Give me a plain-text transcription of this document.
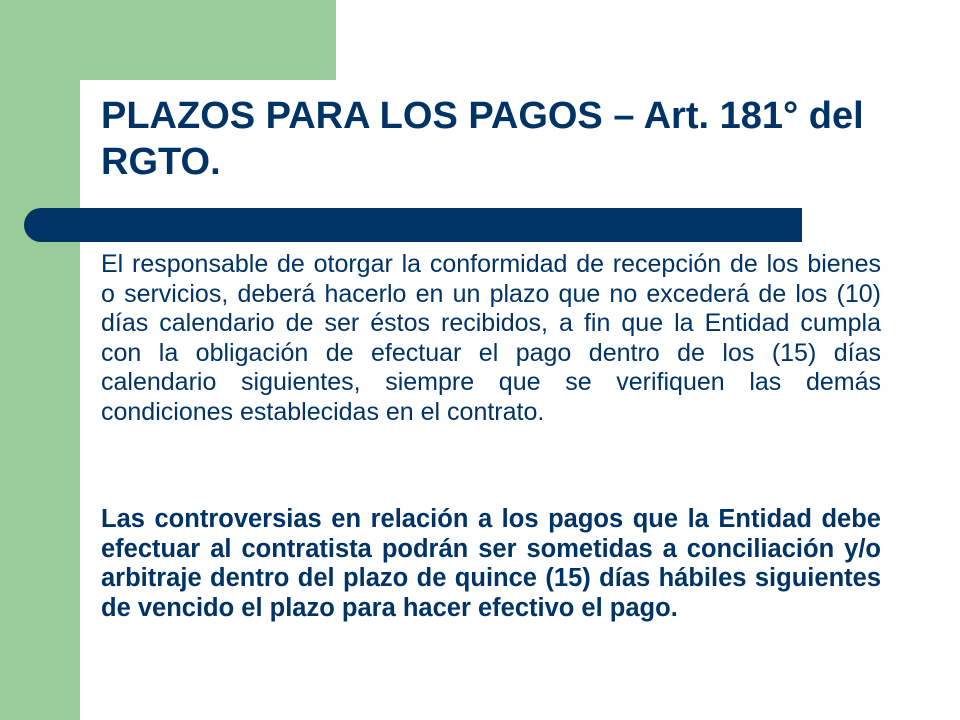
PLAZOS PARA LOS PAGOS – Art. 181° del RGTO.

El responsable de otorgar la conformidad de recepción de los bienes o servicios, deberá hacerlo en un plazo que no excederá de los (10) días calendario de ser éstos recibidos, a fin que la Entidad cumpla con la obligación de efectuar el pago dentro de los (15) días calendario siguientes, siempre que se verifiquen las demás condiciones establecidas en el contrato.

Las controversias en relación a los pagos que la Entidad debe efectuar al contratista podrán ser sometidas a conciliación y/o arbitraje dentro del plazo de quince (15) días hábiles siguientes de vencido el plazo para hacer efectivo el pago.
